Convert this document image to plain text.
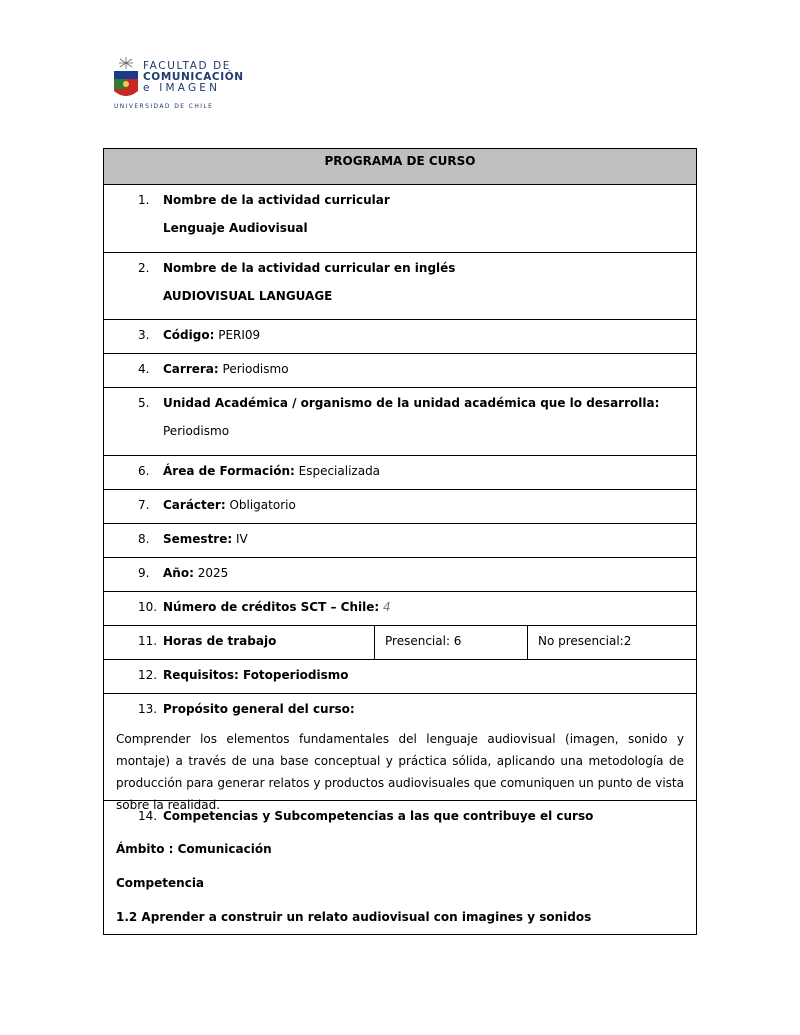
FACULTAD DE
COMUNICACIÓN
e IMAGEN
UNIVERSIDAD DE CHILE
PROGRAMA DE CURSO
1. Nombre de la actividad curricular
Lenguaje Audiovisual
2. Nombre de la actividad curricular en inglés
AUDIOVISUAL LANGUAGE
3. Código: PERI09
4. Carrera: Periodismo
5. Unidad Académica / organismo de la unidad académica que lo desarrolla:
Periodismo
6. Área de Formación: Especializada
7. Carácter: Obligatorio
8. Semestre: IV
9. Año: 2025
10. Número de créditos SCT – Chile: 4
11. Horas de trabajo	Presencial: 6	No presencial:2
12. Requisitos: Fotoperiodismo
13. Propósito general del curso:
Comprender los elementos fundamentales del lenguaje audiovisual (imagen, sonido y montaje) a través de una base conceptual y práctica sólida, aplicando una metodología de producción para generar relatos y productos audiovisuales que comuniquen un punto de vista sobre la realidad.
14. Competencias y Subcompetencias a las que contribuye el curso
Ámbito : Comunicación
Competencia
1.2 Aprender a construir un relato audiovisual con imagines y sonidos
